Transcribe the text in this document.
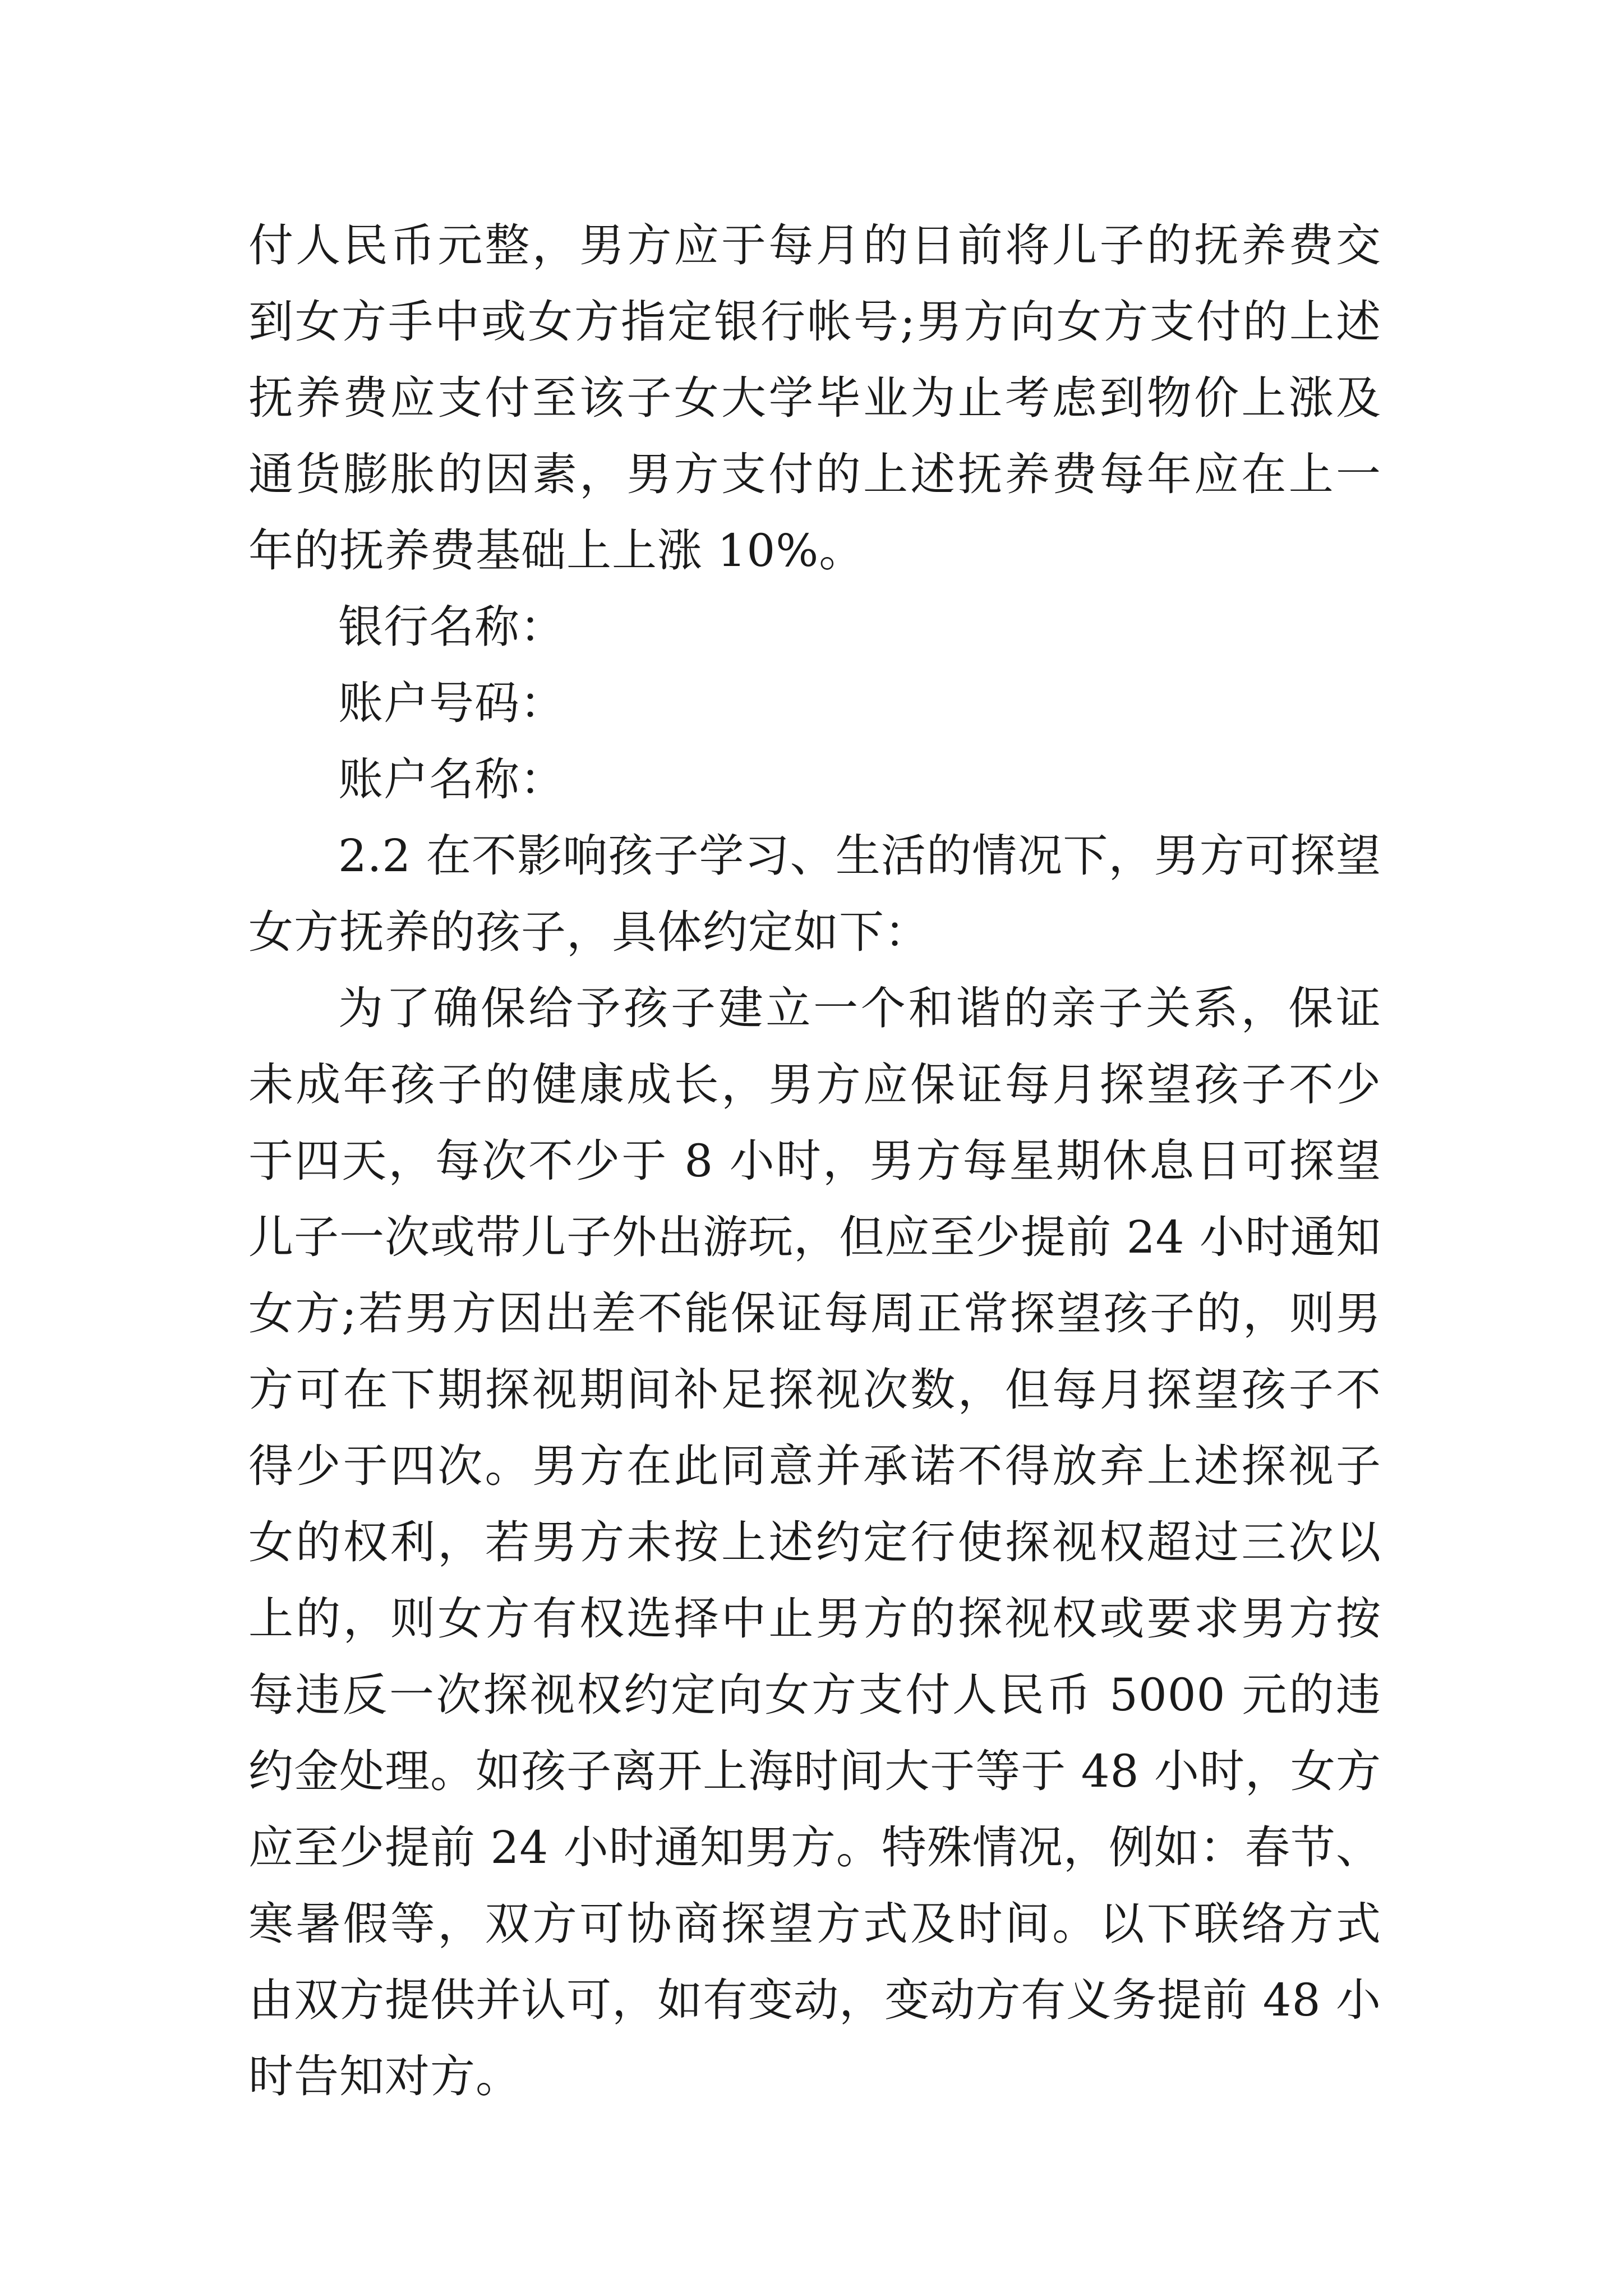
付人民币元整，男方应于每月的日前将儿子的抚养费交到女方手中或女方指定银行帐号;男方向女方支付的上述抚养费应支付至该子女大学毕业为止考虑到物价上涨及通货膨胀的因素，男方支付的上述抚养费每年应在上一年的抚养费基础上上涨 10%。

银行名称：

账户号码：

账户名称：

2.2 在不影响孩子学习、生活的情况下，男方可探望女方抚养的孩子，具体约定如下：

为了确保给予孩子建立一个和谐的亲子关系，保证未成年孩子的健康成长，男方应保证每月探望孩子不少于四天，每次不少于 8 小时，男方每星期休息日可探望儿子一次或带儿子外出游玩，但应至少提前 24 小时通知女方;若男方因出差不能保证每周正常探望孩子的，则男方可在下期探视期间补足探视次数，但每月探望孩子不得少于四次。男方在此同意并承诺不得放弃上述探视子女的权利，若男方未按上述约定行使探视权超过三次以上的，则女方有权选择中止男方的探视权或要求男方按每违反一次探视权约定向女方支付人民币 5000 元的违约金处理。如孩子离开上海时间大于等于 48 小时，女方应至少提前 24 小时通知男方。特殊情况，例如：春节、寒暑假等，双方可协商探望方式及时间。以下联络方式由双方提供并认可，如有变动，变动方有义务提前 48 小时告知对方。
